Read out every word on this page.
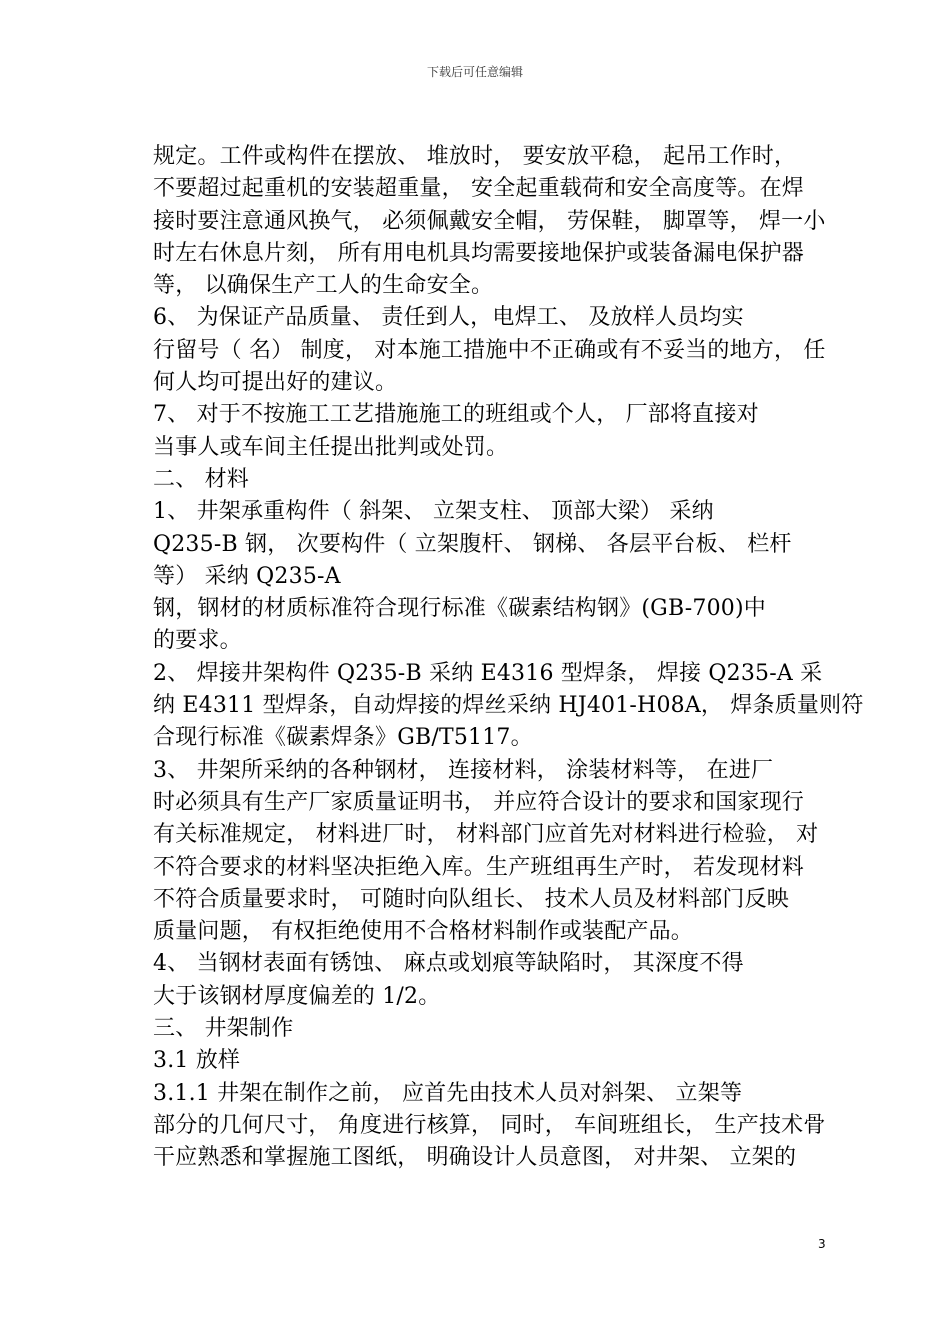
下载后可任意编辑
规定。工件或构件在摆放、 堆放时， 要安放平稳， 起吊工作时，
不要超过起重机的安装超重量， 安全起重载荷和安全高度等。在焊
接时要注意通风换气， 必须佩戴安全帽， 劳保鞋， 脚罩等， 焊一小
时左右休息片刻， 所有用电机具均需要接地保护或装备漏电保护器
等， 以确保生产工人的生命安全。
6、 为保证产品质量、 责任到人，电焊工、 及放样人员均实
行留号（ 名） 制度， 对本施工措施中不正确或有不妥当的地方， 任
何人均可提出好的建议。
7、 对于不按施工工艺措施施工的班组或个人， 厂部将直接对
当事人或车间主任提出批判或处罚。
二、 材料
1、 井架承重构件（ 斜架、 立架支柱、 顶部大梁） 采纳
Q235-B 钢， 次要构件（ 立架腹杆、 钢梯、 各层平台板、 栏杆
等） 采纳 Q235-A
钢，钢材的材质标准符合现行标准《碳素结构钢》(GB-700)中
的要求。
2、 焊接井架构件 Q235-B 采纳 E4316 型焊条， 焊接 Q235-A 采
纳 E4311 型焊条，自动焊接的焊丝采纳 HJ401-H08A， 焊条质量则符
合现行标准《碳素焊条》GB/T5117。
3、 井架所采纳的各种钢材， 连接材料， 涂装材料等， 在进厂
时必须具有生产厂家质量证明书， 并应符合设计的要求和国家现行
有关标准规定， 材料进厂时， 材料部门应首先对材料进行检验， 对
不符合要求的材料坚决拒绝入库。生产班组再生产时， 若发现材料
不符合质量要求时， 可随时向队组长、 技术人员及材料部门反映
质量问题， 有权拒绝使用不合格材料制作或装配产品。
4、 当钢材表面有锈蚀、 麻点或划痕等缺陷时， 其深度不得
大于该钢材厚度偏差的 1/2。
三、 井架制作
3.1 放样
3.1.1 井架在制作之前， 应首先由技术人员对斜架、 立架等
部分的几何尺寸， 角度进行核算， 同时， 车间班组长， 生产技术骨
干应熟悉和掌握施工图纸， 明确设计人员意图， 对井架、 立架的
3
